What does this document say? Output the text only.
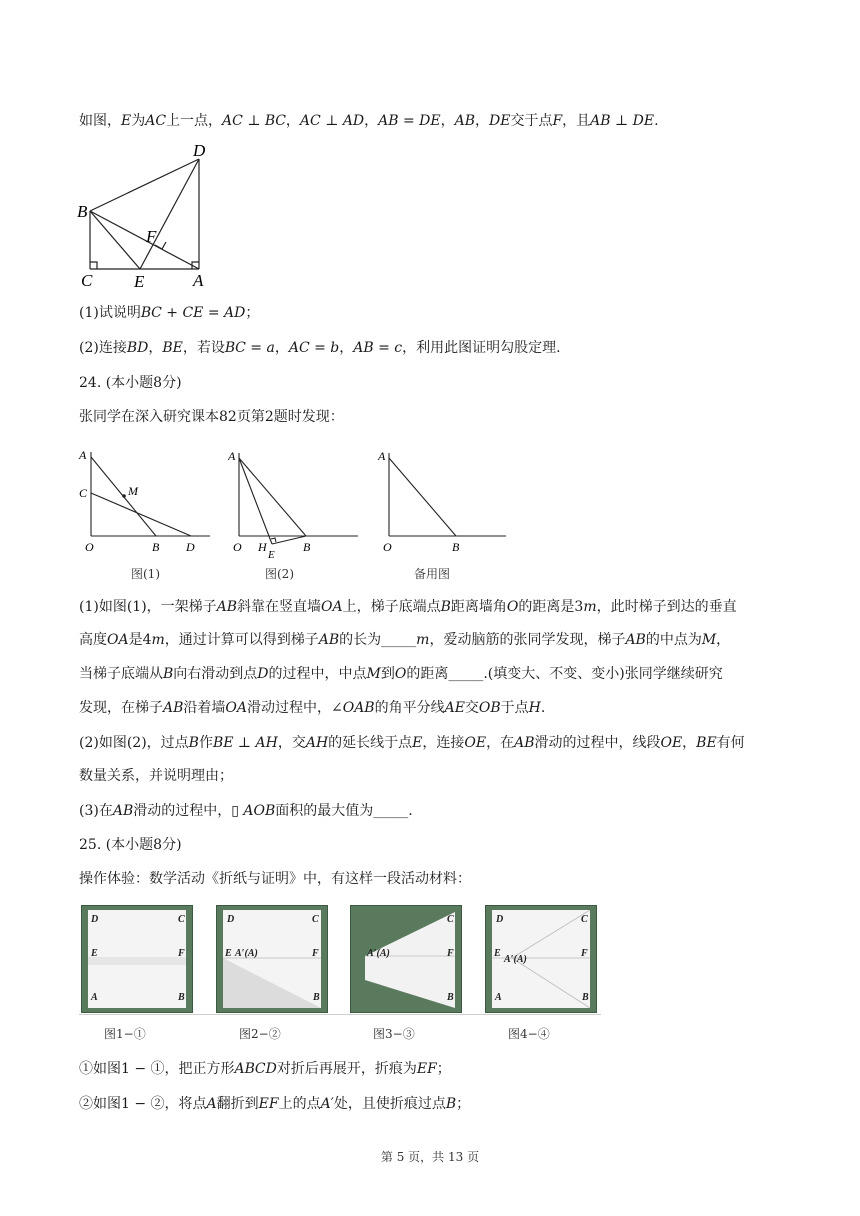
如图，𝐸为𝐴𝐶上一点，𝐴𝐶 ⊥ 𝐵𝐶，𝐴𝐶 ⊥ 𝐴𝐷，𝐴𝐵 = 𝐷𝐸，𝐴𝐵，𝐷𝐸交于点𝐹，且𝐴𝐵 ⊥ 𝐷𝐸.
D
B
F
C E	A
(1)试说明𝐵𝐶 + 𝐶𝐸 = 𝐴𝐷；
(2)连接𝐵𝐷，𝐵𝐸，若设𝐵𝐶 = 𝑎，𝐴𝐶 = 𝑏，𝐴𝐵 = 𝑐，利用此图证明勾股定理.
24. (本小题8分)
张同学在深入研究课本82页第2题时发现：
A
C	M
O	B D
图(1)
A
O H	B
E
图(2)
A
O	B
备用图
(1)如图(1)，一架梯子𝐴𝐵斜靠在竖直墙𝑂𝐴上，梯子底端点𝐵距离墙角𝑂的距离是3𝑚，此时梯子到达的垂直
高度𝑂𝐴是4𝑚，通过计算可以得到梯子𝐴𝐵的长为_____𝑚，爱动脑筋的张同学发现，梯子𝐴𝐵的中点为𝑀，
当梯子底端从𝐵向右滑动到点𝐷的过程中，中点𝑀到𝑂的距离_____.(填变大、不变、变小)张同学继续研究
发现，在梯子𝐴𝐵沿着墙𝑂𝐴滑动过程中，∠𝑂𝐴𝐵的角平分线𝐴𝐸交𝑂𝐵于点𝐻.
(2)如图(2)，过点𝐵作𝐵𝐸 ⊥ 𝐴𝐻，交𝐴𝐻的延长线于点𝐸，连接𝑂𝐸，在𝐴𝐵滑动的过程中，线段𝑂𝐸，𝐵𝐸有何
数量关系，并说明理由；
(3)在𝐴𝐵滑动的过程中，▯ 𝐴𝑂𝐵面积的最大值为_____.
25. (本小题8分)
操作体验：数学活动《折纸与证明》中，有这样一段活动材料：
D	C
E	F
A	B
D	C
E A′(A)	F
B
C
A′(A)	F
B
D	C
E
A′(A)
F
A	B
图1−①	图2−②	图3−③	图4−④
①如图1 − ①，把正方形𝐴𝐵𝐶𝐷对折后再展开，折痕为𝐸𝐹；
②如图1 − ②，将点𝐴翻折到𝐸𝐹上的点𝐴′处，且使折痕过点𝐵；
第 5 页，共 13 页
